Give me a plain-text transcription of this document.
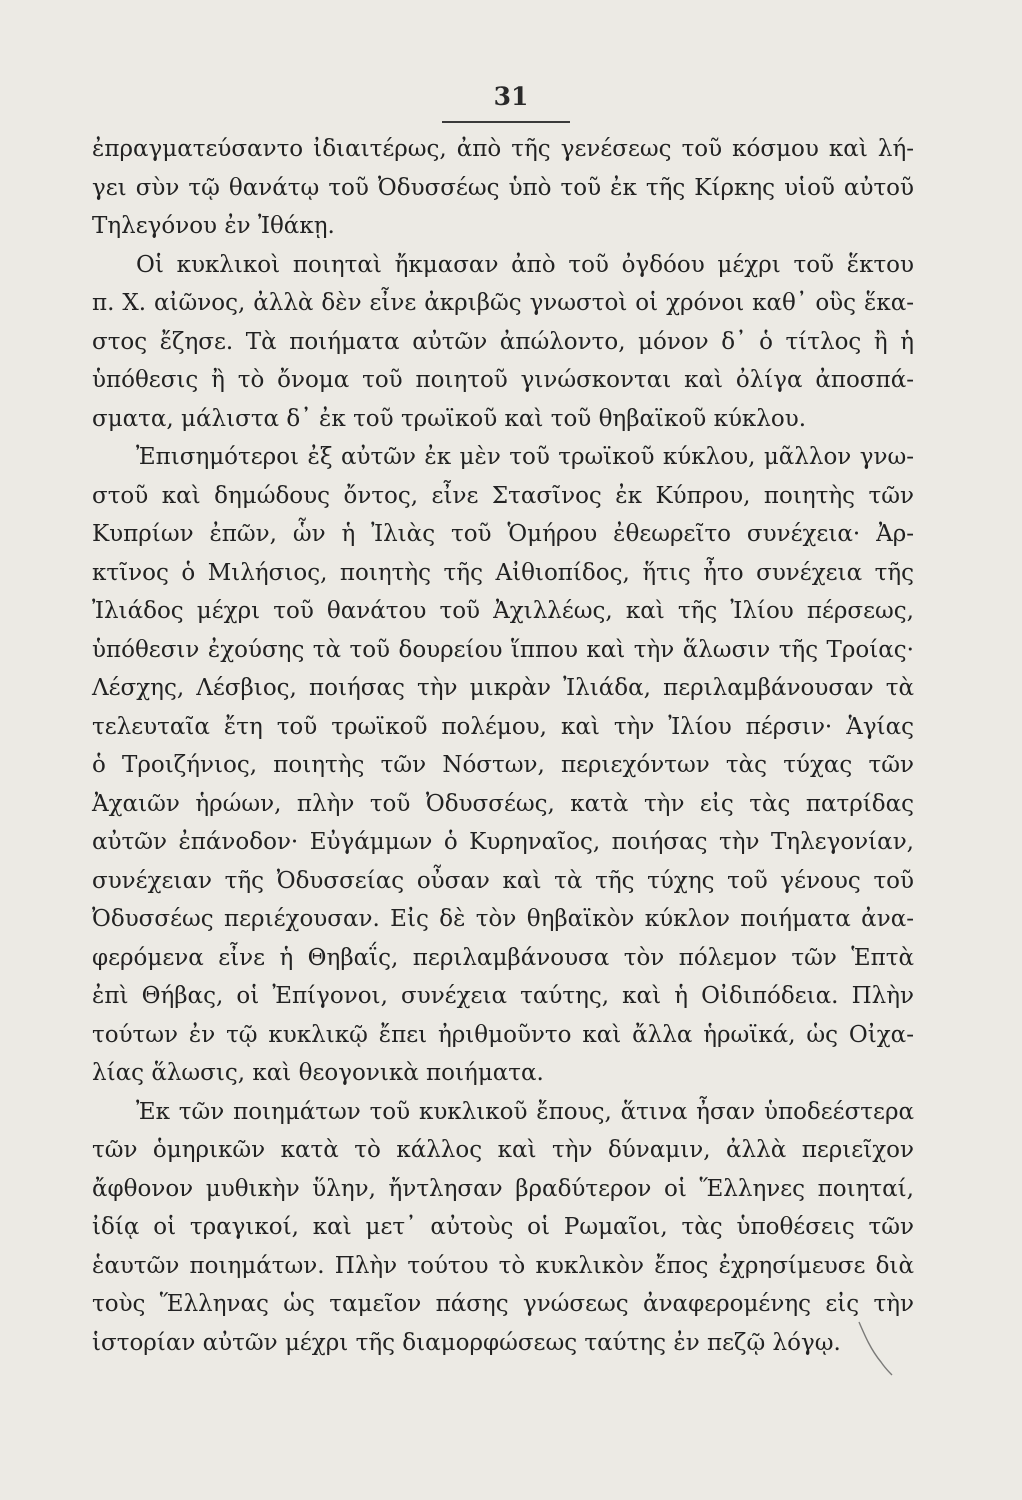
31
ἐπραγματεύσαντο ἰδιαιτέρως, ἀπὸ τῆς γενέσεως τοῦ κόσμου καὶ λή-
γει σὺν τῷ θανάτῳ τοῦ Ὀδυσσέως ὑπὸ τοῦ ἐκ τῆς Κίρκης υἱοῦ αὐτοῦ
Τηλεγόνου ἐν Ἰθάκῃ.
Οἱ κυκλικοὶ ποιηταὶ ἤκμασαν ἀπὸ τοῦ ὀγδόου μέχρι τοῦ ἕκτου
π. Χ. αἰῶνος, ἀλλὰ δὲν εἶνε ἀκριβῶς γνωστοὶ οἱ χρόνοι καθ᾽ οὓς ἕκα-
στος ἔζησε. Τὰ ποιήματα αὐτῶν ἀπώλοντο, μόνον δ᾽ ὁ τίτλος ἢ ἡ
ὑπόθεσις ἢ τὸ ὄνομα τοῦ ποιητοῦ γινώσκονται καὶ ὀλίγα ἀποσπά-
σματα, μάλιστα δ᾽ ἐκ τοῦ τρωϊκοῦ καὶ τοῦ θηβαϊκοῦ κύκλου.
Ἐπισημότεροι ἐξ αὐτῶν ἐκ μὲν τοῦ τρωϊκοῦ κύκλου, μᾶλλον γνω-
στοῦ καὶ δημώδους ὄντος, εἶνε Στασῖνος ἐκ Κύπρου, ποιητὴς τῶν
Κυπρίων ἐπῶν, ὧν ἡ Ἰλιὰς τοῦ Ὁμήρου ἐθεωρεῖτο συνέχεια· Ἀρ-
κτῖνος ὁ Μιλήσιος, ποιητὴς τῆς Αἰθιοπίδος, ἥτις ἦτο συνέχεια τῆς
Ἰλιάδος μέχρι τοῦ θανάτου τοῦ Ἀχιλλέως, καὶ τῆς Ἰλίου πέρσεως,
ὑπόθεσιν ἐχούσης τὰ τοῦ δουρείου ἵππου καὶ τὴν ἅλωσιν τῆς Τροίας·
Λέσχης, Λέσβιος, ποιήσας τὴν μικρὰν Ἰλιάδα, περιλαμβάνουσαν τὰ
τελευταῖα ἔτη τοῦ τρωϊκοῦ πολέμου, καὶ τὴν Ἰλίου πέρσιν· Ἁγίας
ὁ Τροιζήνιος, ποιητὴς τῶν Νόστων, περιεχόντων τὰς τύχας τῶν
Ἀχαιῶν ἡρώων, πλὴν τοῦ Ὀδυσσέως, κατὰ τὴν εἰς τὰς πατρίδας
αὐτῶν ἐπάνοδον· Εὐγάμμων ὁ Κυρηναῖος, ποιήσας τὴν Τηλεγονίαν,
συνέχειαν τῆς Ὀδυσσείας οὖσαν καὶ τὰ τῆς τύχης τοῦ γένους τοῦ
Ὀδυσσέως περιέχουσαν. Εἰς δὲ τὸν θηβαϊκὸν κύκλον ποιήματα ἀνα-
φερόμενα εἶνε ἡ Θηβαΐς, περιλαμβάνουσα τὸν πόλεμον τῶν Ἑπτὰ
ἐπὶ Θήβας, οἱ Ἐπίγονοι, συνέχεια ταύτης, καὶ ἡ Οἰδιπόδεια. Πλὴν
τούτων ἐν τῷ κυκλικῷ ἔπει ἠριθμοῦντο καὶ ἄλλα ἡρωϊκά, ὡς Οἰχα-
λίας ἅλωσις, καὶ θεογονικὰ ποιήματα.
Ἐκ τῶν ποιημάτων τοῦ κυκλικοῦ ἔπους, ἅτινα ἦσαν ὑποδεέστερα
τῶν ὁμηρικῶν κατὰ τὸ κάλλος καὶ τὴν δύναμιν, ἀλλὰ περιεῖχον
ἄφθονον μυθικὴν ὕλην, ἤντλησαν βραδύτερον οἱ Ἕλληνες ποιηταί,
ἰδίᾳ οἱ τραγικοί, καὶ μετ᾽ αὐτοὺς οἱ Ρωμαῖοι, τὰς ὑποθέσεις τῶν
ἑαυτῶν ποιημάτων. Πλὴν τούτου τὸ κυκλικὸν ἔπος ἐχρησίμευσε διὰ
τοὺς Ἕλληνας ὡς ταμεῖον πάσης γνώσεως ἀναφερομένης εἰς τὴν
ἱστορίαν αὐτῶν μέχρι τῆς διαμορφώσεως ταύτης ἐν πεζῷ λόγῳ.
